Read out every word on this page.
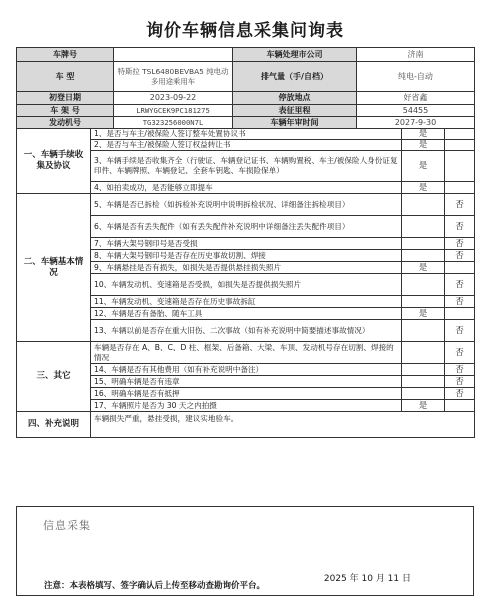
询价车辆信息采集问询表
车牌号		车辆处理市公司	济南
车 型	特斯拉 TSL6480BEVBA5 纯电动多用途乘用车	排气量（手/自档）	纯电-自动
初登日期	2023-09-22	停放地点	好省鑫
车 架 号	LRWYGCEK9PC181275	表征里程	54455
发动机号	TG323256000N7L	车辆年审时间	2027-9-30
一、车辆手续收集及协议	1、是否与车主/被保险人签订整车处置协议书	是	
	2、是否与车主/被保险人签订权益转让书	是	
	3、车辆手续是否收集齐全（行驶证、车辆登记证书、车辆购置税、车主/被保险人身份证复印件、车辆牌照、车辆登记、全套车钥匙、车损险保单）	是	
	4、如拍卖成功，是否能够立即提车	是	
二、车辆基本情况	5、车辆是否已拆检（如拆检补充说明中说明拆检状况、详细备注拆检项目）		否
	6、车辆是否有丢失配件（如有丢失配件补充说明中详细备注丢失配件项目）		否
	7、车辆大架号钢印号是否受损		否
	8、车辆大架号钢印号是否存在历史事故切割、焊接		否
	9、车辆悬挂是否有损失，如损失是否提供悬挂损失照片	是	
	10、车辆发动机、变速箱是否受损，如损失是否提供损失照片		否
	11、车辆发动机、变速箱是否存在历史事故拆缸		否
	12、车辆是否有备胎、随车工具	是	
	13、车辆以前是否存在重大旧伤、二次事故（如有补充说明中简要描述事故情况）		否
三、其它	车辆是否存在 A、B、C、D 柱、框架、后备箱、大梁、车顶、发动机号存在切割、焊接的情况		否
	14、车辆是否有其他费用（如有补充说明中备注）		否
	15、明确车辆是否有违章		否
	16、明确车辆是否有抵押		否
	17、车辆照片是否为 30 天之内拍摄	是	
四、补充说明	车辆损失严重，悬挂受损，建议实地验车。		
信息采集
2025 年 10 月 11 日
注意：本表格填写、签字确认后上传至移动查勘询价平台。
